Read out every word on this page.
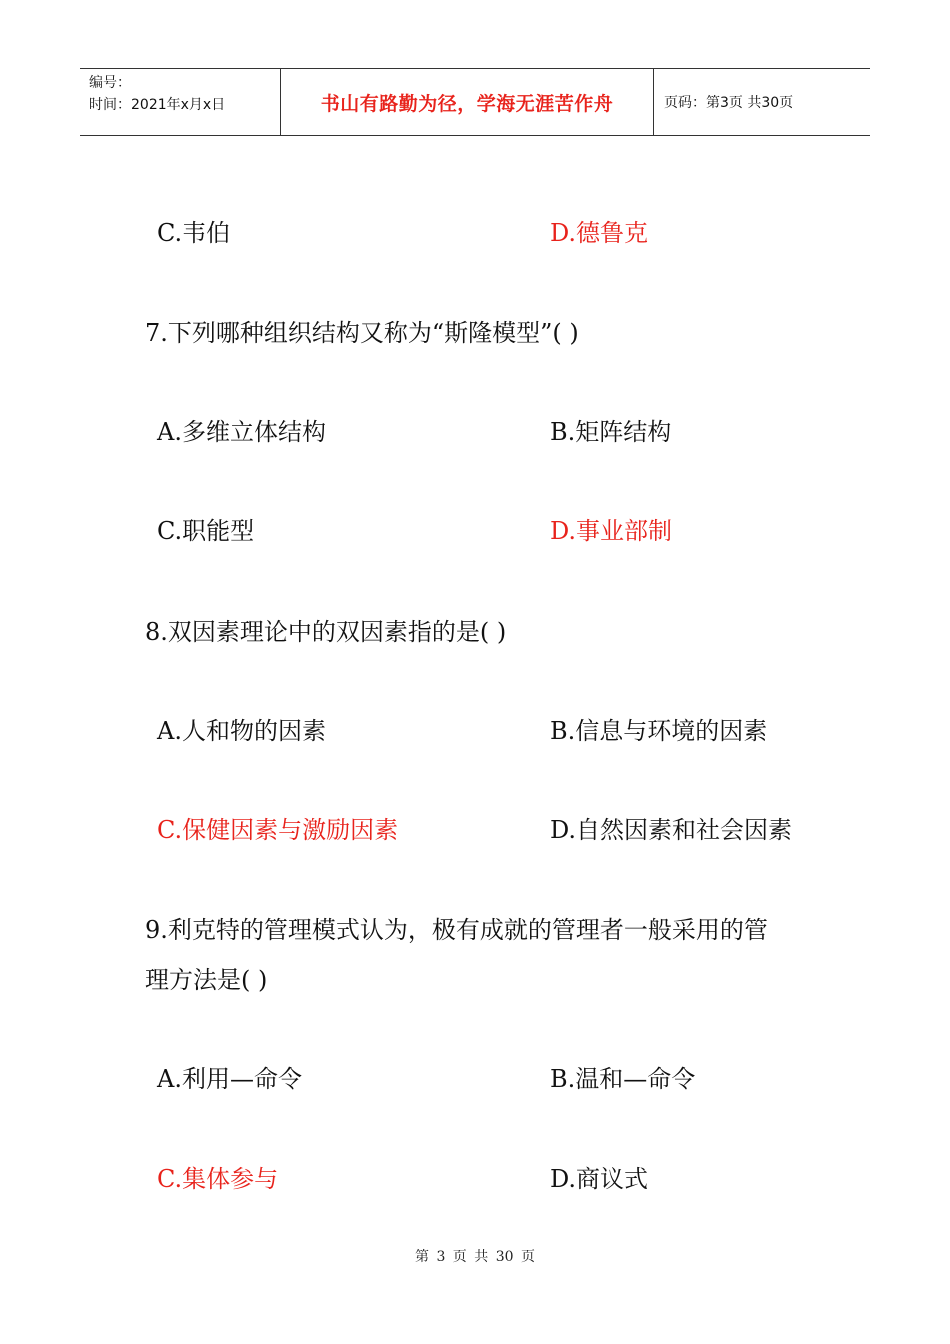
编号：
时间：2021年x月x日	书山有路勤为径，学海无涯苦作舟	页码：第3页 共30页
C.韦伯	D.德鲁克
7.下列哪种组织结构又称为“斯隆模型”( )
A.多维立体结构	B.矩阵结构
C.职能型	D.事业部制
8.双因素理论中的双因素指的是( )
A.人和物的因素	B.信息与环境的因素
C.保健因素与激励因素	D.自然因素和社会因素
9.利克特的管理模式认为，极有成就的管理者一般采用的管
理方法是( )
A.利用—命令	B.温和—命令
C.集体参与	D.商议式
第 3 页 共 30 页
